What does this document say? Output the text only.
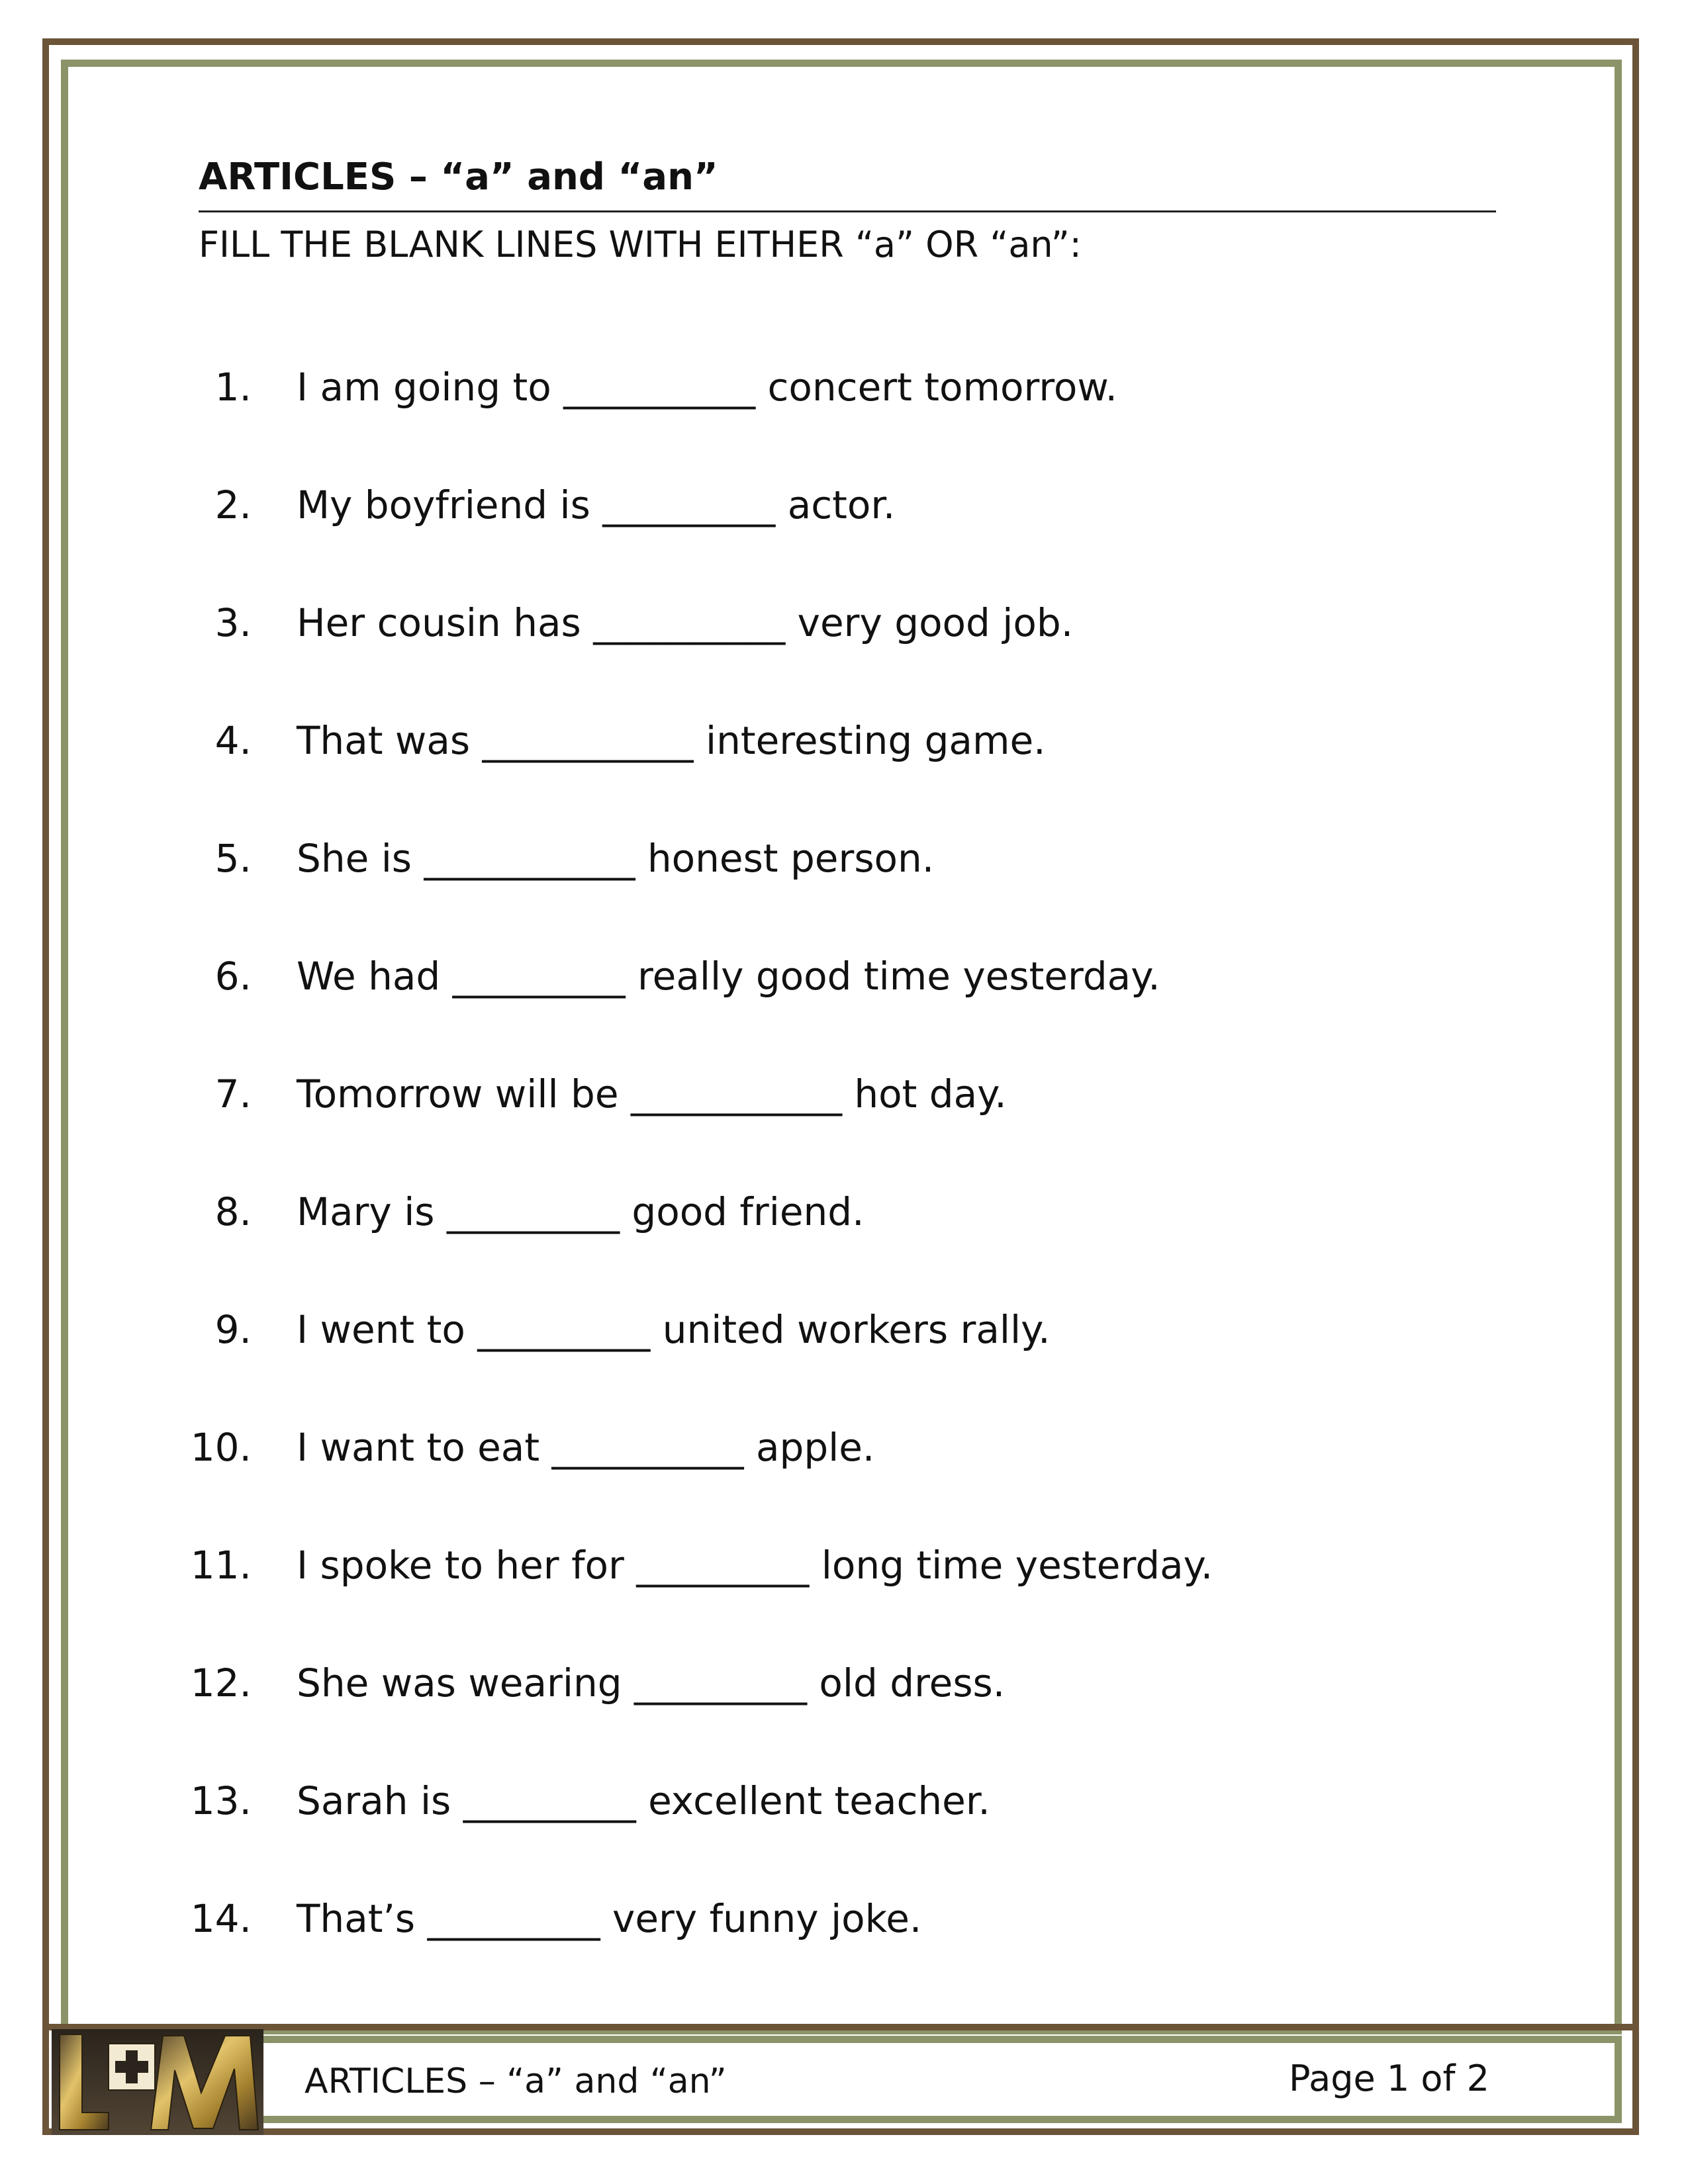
ARTICLES – “a” and “an”
FILL THE BLANK LINES WITH EITHER “a” OR “an”:
1. I am going to __________ concert tomorrow.
2. My boyfriend is _________ actor.
3. Her cousin has __________ very good job.
4. That was ___________ interesting game.
5. She is ___________ honest person.
6. We had _________ really good time yesterday.
7. Tomorrow will be ___________ hot day.
8. Mary is _________ good friend.
9. I went to _________ united workers rally.
10. I want to eat __________ apple.
11. I spoke to her for _________ long time yesterday.
12. She was wearing _________ old dress.
13. Sarah is _________ excellent teacher.
14. That’s _________ very funny joke.
ARTICLES – “a” and “an”	Page 1 of 2
